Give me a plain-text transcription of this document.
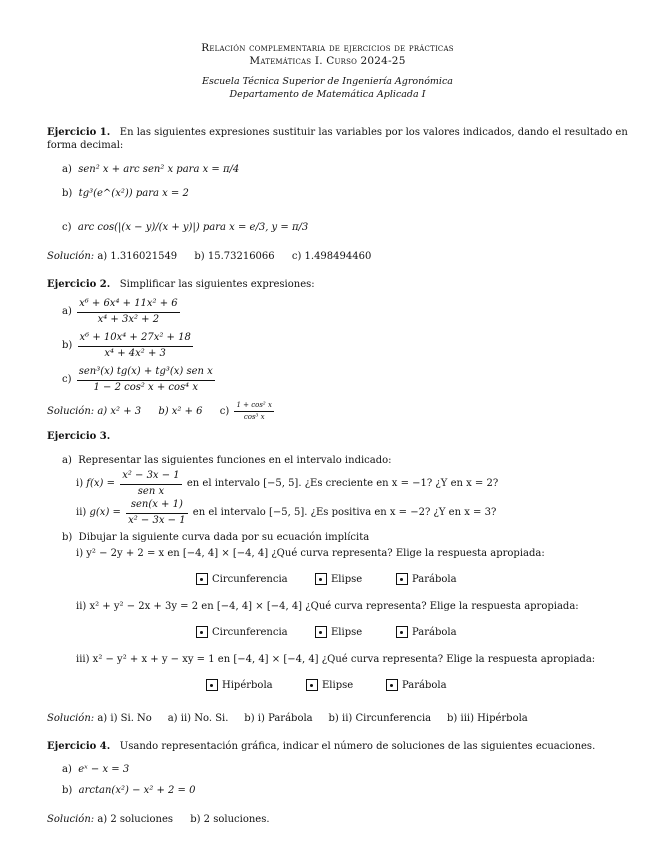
Relación complementaria de ejercicios de prácticas
Matemáticas I. Curso 2024-25
Escuela Técnica Superior de Ingeniería Agronómica
Departamento de Matemática Aplicada I
Ejercicio 1. En las siguientes expresiones sustituir las variables por los valores indicados, dando el resultado en
forma decimal:
a) sen² x + arc sen² x para x = π/4
b) tg³(e^(x²)) para x = 2
c) arc cos(|(x − y)/(x + y)|) para x = e/3, y = π/3
Solución: a) 1.316021549 b) 15.73216066 c) 1.498494460
Ejercicio 2. Simplificar las siguientes expresiones:
$a) \frac{\text{x⁶ + 6x⁴ + 11x² + 6}}{\text{x⁴ + 3x² + 2}}$
$b) \frac{\text{x⁶ + 10x⁴ + 27x² + 18}}{\text{x⁴ + 4x² + 3}}$
$c) \frac{\text{sen³(x) tg(x) + tg³(x) sen x}}{\text{1 − 2 cos² x + cos⁴ x}}$
Solución: a) x² + 3 b) x² + 6 $c) \frac{\text{1 + cos² x}}{\text{cos³ x}}$
Ejercicio 3.
a) Representar las siguientes funciones en el intervalo indicado:
i) $f(x) = \frac{\text{x² − 3x − 1}}{\text{sen x}}$ en el intervalo [−5, 5]. ¿Es creciente en x = −1? ¿Y en x = 2?
ii) $g(x) = \frac{\text{sen(x + 1)}}{\text{x² − 3x − 1}}$ en el intervalo [−5, 5]. ¿Es positiva en x = −2? ¿Y en x = 3?
b) Dibujar la siguiente curva dada por su ecuación implícita
i) y² − 2y + 2 = x en [−4, 4] × [−4, 4] ¿Qué curva representa? Elige la respuesta apropiada:
Circunferencia	Elipse	Parábola
ii) x² + y² − 2x + 3y = 2 en [−4, 4] × [−4, 4] ¿Qué curva representa? Elige la respuesta apropiada:
Circunferencia	Elipse	Parábola
iii) x² − y² + x + y − xy = 1 en [−4, 4] × [−4, 4] ¿Qué curva representa? Elige la respuesta apropiada:
Hipérbola	Elipse	Parábola
Solución: a) i) Si. No     a) ii) No. Si.     b) i) Parábola     b) ii) Circunferencia     b) iii) Hipérbola
Ejercicio 4. Usando representación gráfica, indicar el número de soluciones de las siguientes ecuaciones.
a) eˣ − x = 3
b) arctan(x²) − x² + 2 = 0
Solución: a) 2 soluciones b) 2 soluciones.
